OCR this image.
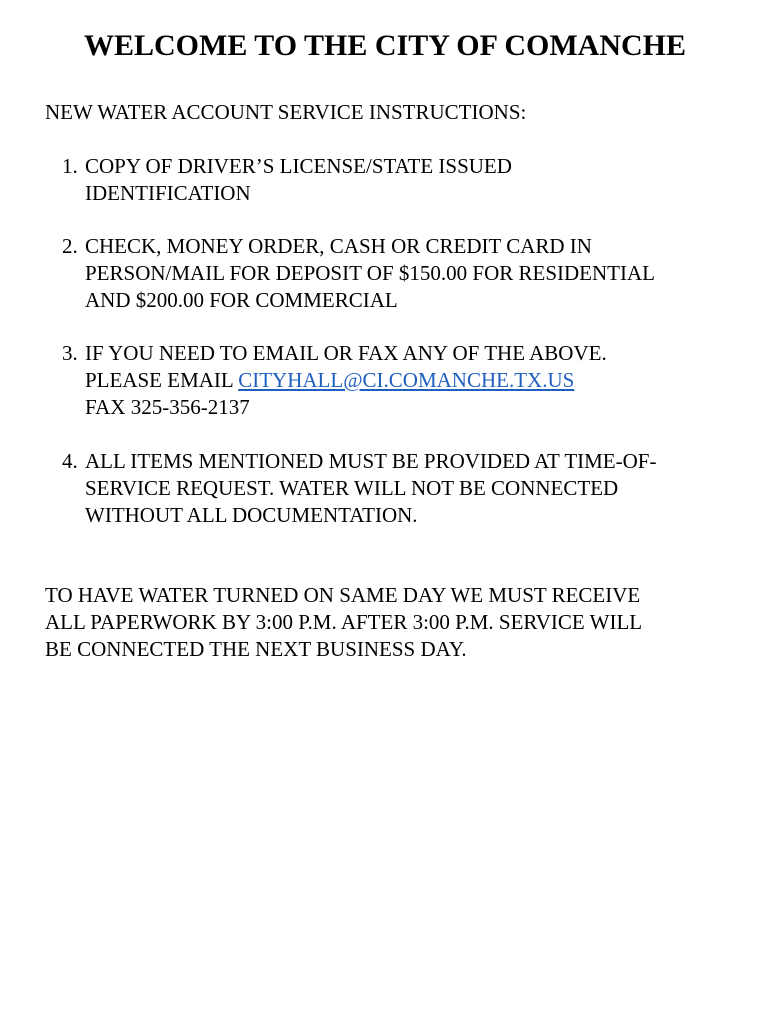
WELCOME TO THE CITY OF COMANCHE

NEW WATER ACCOUNT SERVICE INSTRUCTIONS:

1. COPY OF DRIVER’S LICENSE/STATE ISSUED
IDENTIFICATION
2. CHECK, MONEY ORDER, CASH OR CREDIT CARD IN
PERSON/MAIL FOR DEPOSIT OF $150.00 FOR RESIDENTIAL
AND $200.00 FOR COMMERCIAL
3. IF YOU NEED TO EMAIL OR FAX ANY OF THE ABOVE.
PLEASE EMAIL CITYHALL@CI.COMANCHE.TX.US
FAX 325-356-2137
4. ALL ITEMS MENTIONED MUST BE PROVIDED AT TIME-OF-
SERVICE REQUEST. WATER WILL NOT BE CONNECTED
WITHOUT ALL DOCUMENTATION.

TO HAVE WATER TURNED ON SAME DAY WE MUST RECEIVE
ALL PAPERWORK BY 3:00 P.M. AFTER 3:00 P.M. SERVICE WILL
BE CONNECTED THE NEXT BUSINESS DAY.
